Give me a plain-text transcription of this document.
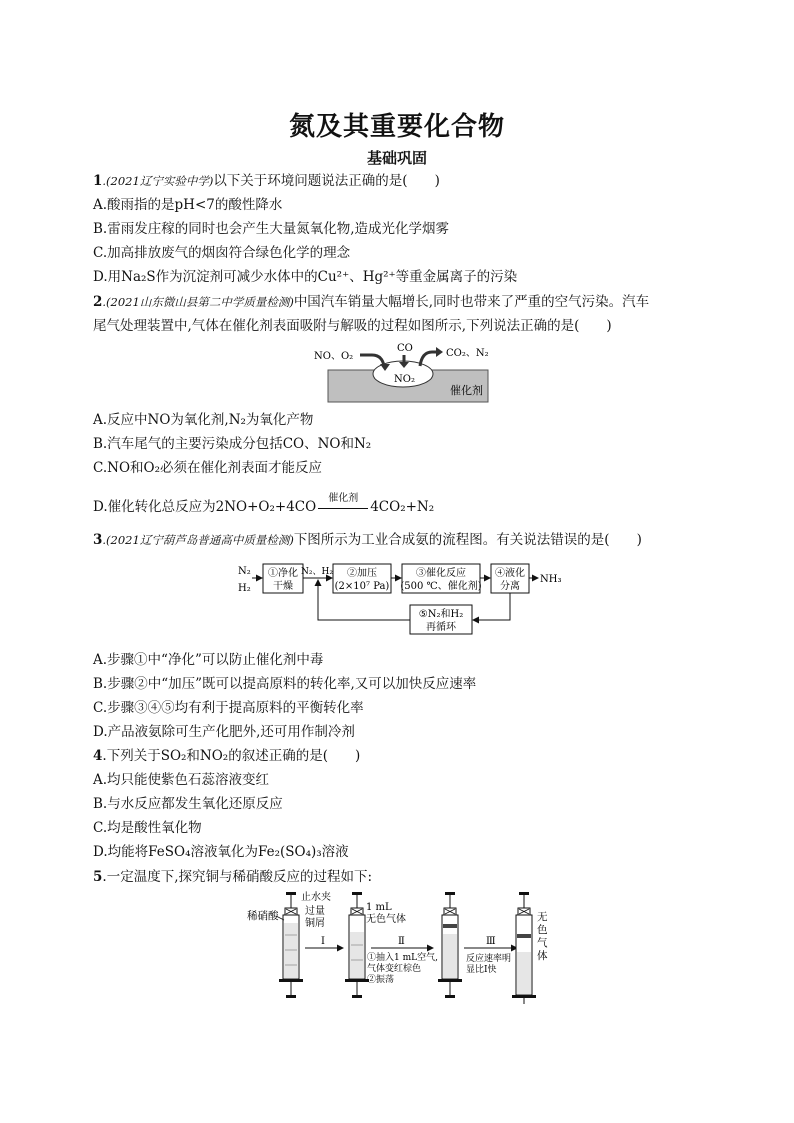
氮及其重要化合物
基础巩固
1.(2021辽宁实验中学)以下关于环境问题说法正确的是(　　)
A.酸雨指的是pH<7的酸性降水
B.雷雨发庄稼的同时也会产生大量氮氧化物,造成光化学烟雾
C.加高排放废气的烟囱符合绿色化学的理念
D.用Na₂S作为沉淀剂可减少水体中的Cu²⁺、Hg²⁺等重金属离子的污染
2.(2021山东微山县第二中学质量检测)中国汽车销量大幅增长,同时也带来了严重的空气污染。汽车
尾气处理装置中,气体在催化剂表面吸附与解吸的过程如图所示,下列说法正确的是(　　)
NO、O₂
CO	CO₂、N₂
NO₂
催化剂
A.反应中NO为氧化剂,N₂为氧化产物
B.汽车尾气的主要污染成分包括CO、NO和N₂
C.NO和O₂必须在催化剂表面才能反应
D.催化转化总反应为2NO+O₂+4CO
催化剂
4CO₂+N₂
3.(2021辽宁葫芦岛普通高中质量检测)下图所示为工业合成氨的流程图。有关说法错误的是(　　)
N₂
H₂
①净化
干燥
N₂、H₂ ②加压
(2×10⁷ Pa)
③催化反应
(500 ℃、催化剂)
④液化
分离
NH₃
⑤N₂和H₂
再循环
A.步骤①中“净化”可以防止催化剂中毒
B.步骤②中“加压”既可以提高原料的转化率,又可以加快反应速率
C.步骤③④⑤均有利于提高原料的平衡转化率
D.产品液氨除可生产化肥外,还可用作制冷剂
4.下列关于SO₂和NO₂的叙述正确的是(　　)
A.均只能使紫色石蕊溶液变红
B.与水反应都发生氧化还原反应
C.均是酸性氧化物
D.均能将FeSO₄溶液氧化为Fe₂(SO₄)₃溶液
5.一定温度下,探究铜与稀硝酸反应的过程如下:
稀硝酸
止水夹
过量
铜屑
Ⅰ
1 mL
无色气体
Ⅱ
①抽入1 mL空气,
气体变红棕色
②振荡
Ⅲ
反应速率明
显比Ⅰ快
无
色
气
体
